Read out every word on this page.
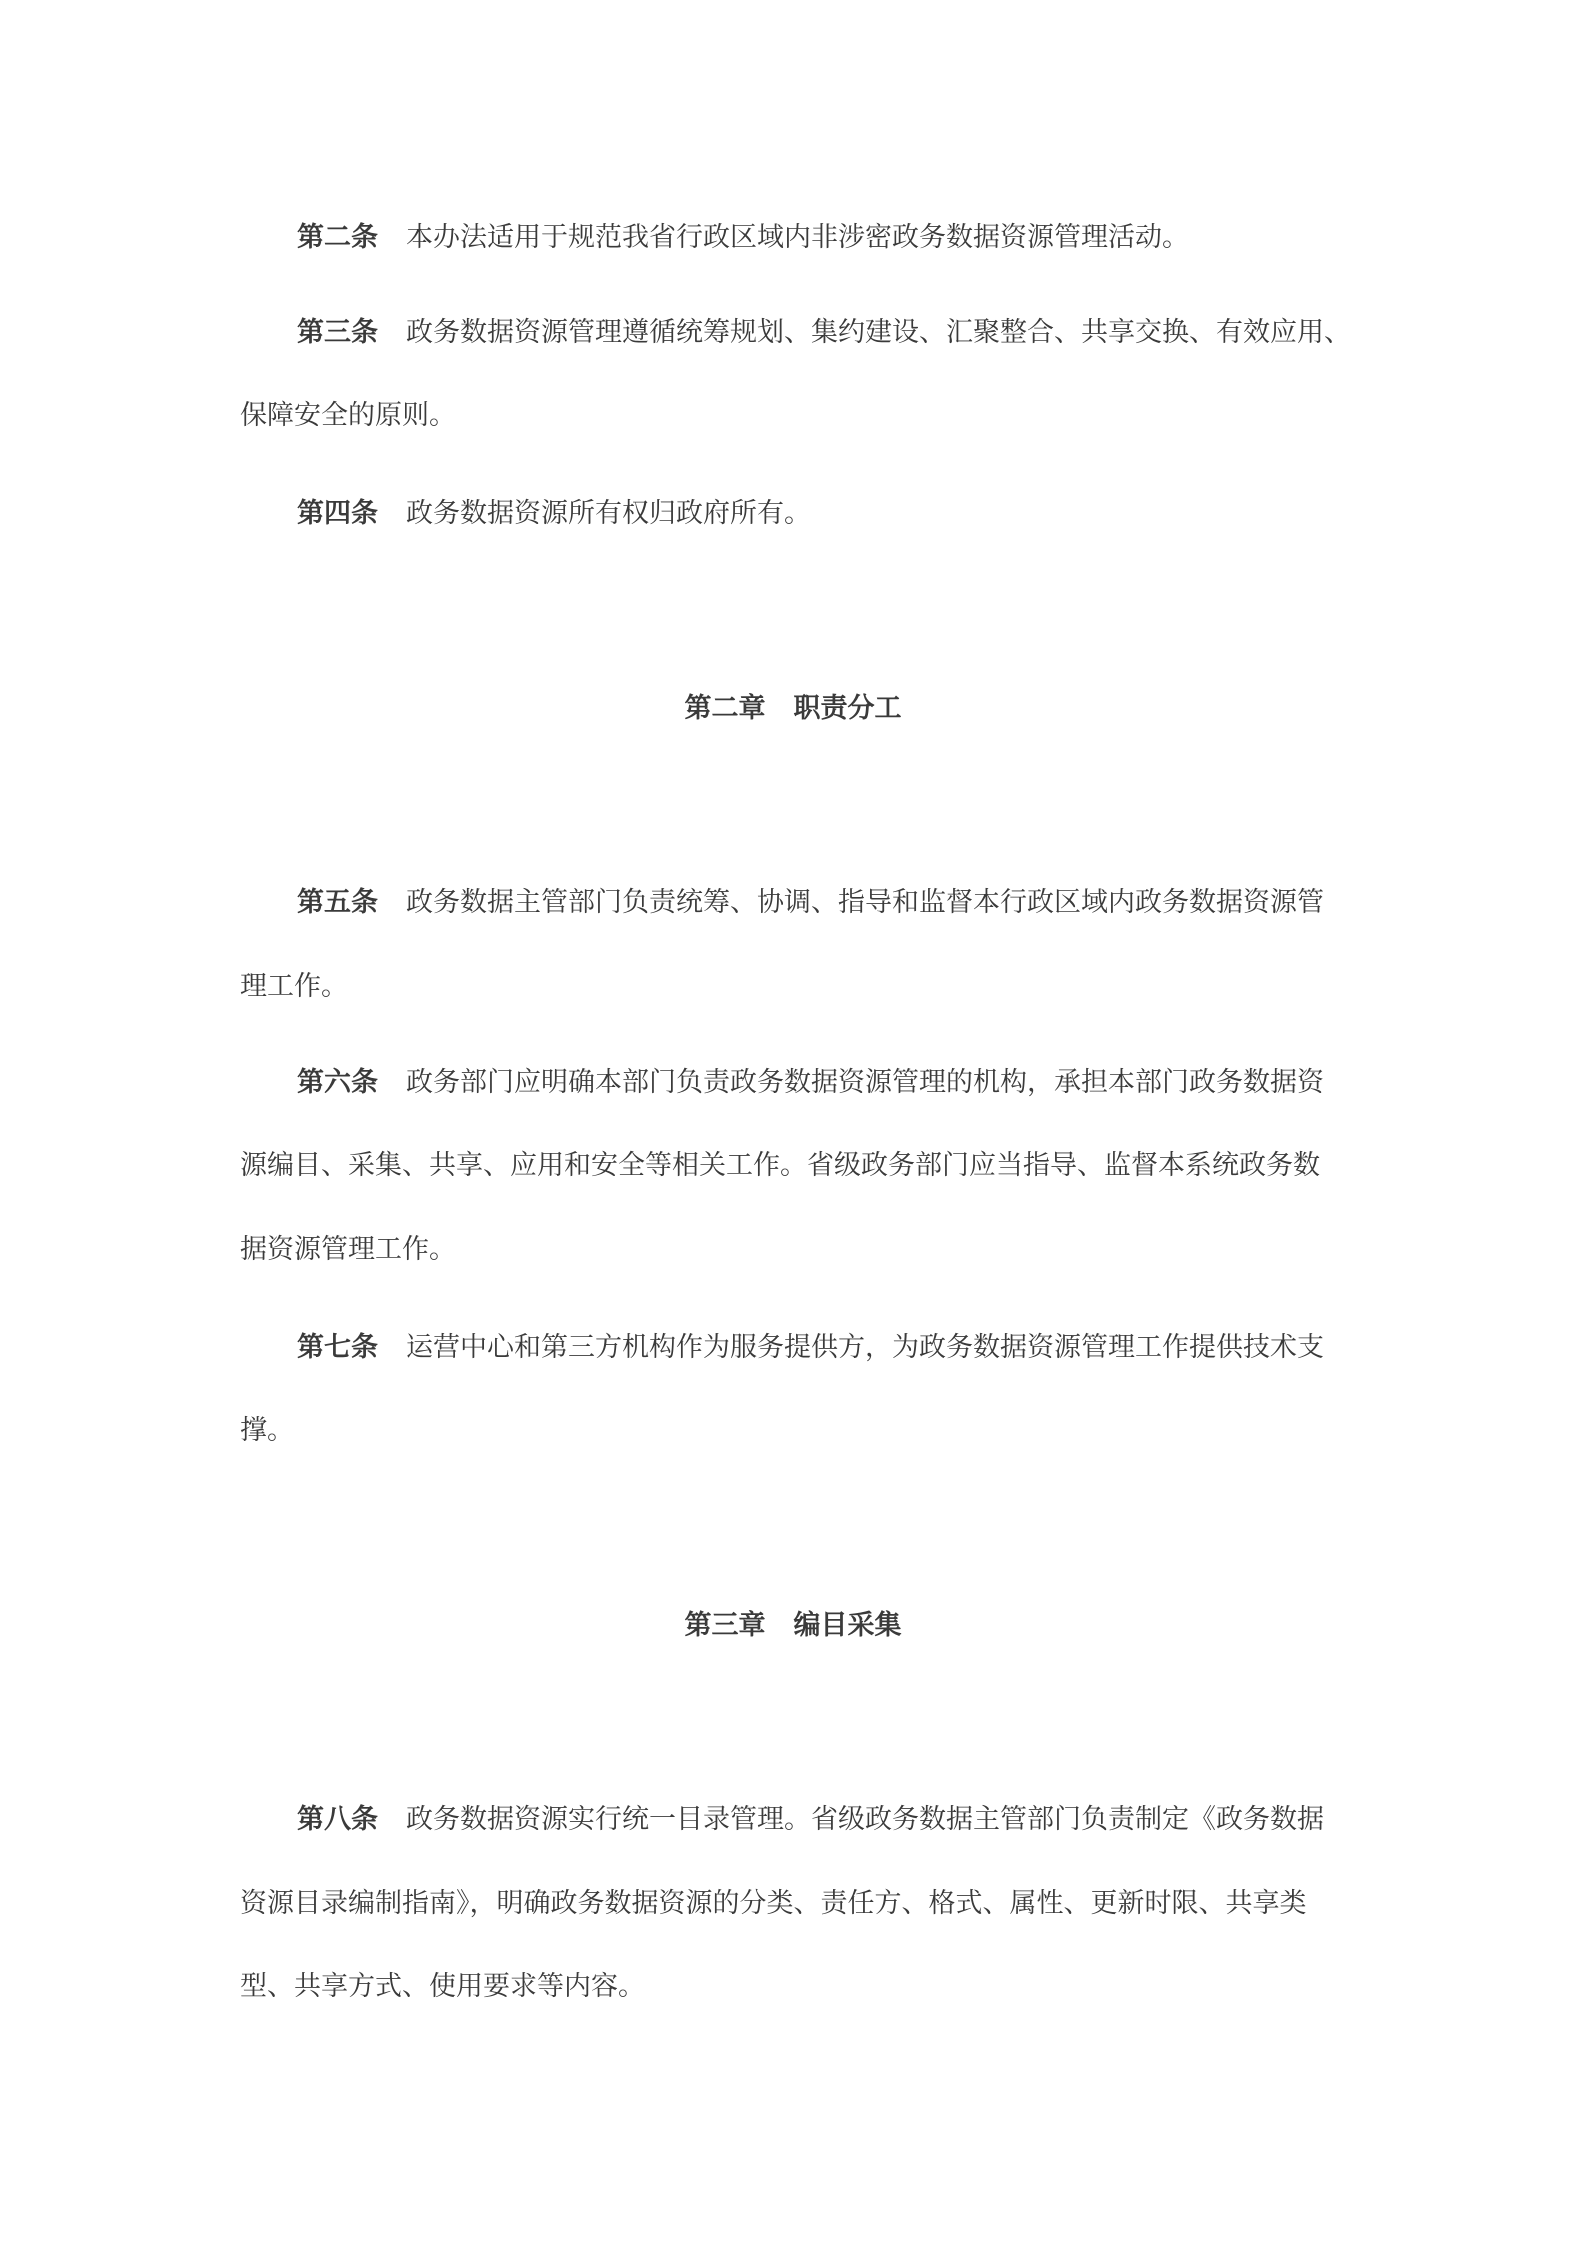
第二条 本办法适用于规范我省行政区域内非涉密政务数据资源管理活动。
第三条 政务数据资源管理遵循统筹规划、集约建设、汇聚整合、共享交换、有效应用、
保障安全的原则。
第四条 政务数据资源所有权归政府所有。
第二章 职责分工
第五条 政务数据主管部门负责统筹、协调、指导和监督本行政区域内政务数据资源管
理工作。
第六条 政务部门应明确本部门负责政务数据资源管理的机构，承担本部门政务数据资
源编目、采集、共享、应用和安全等相关工作。省级政务部门应当指导、监督本系统政务数
据资源管理工作。
第七条 运营中心和第三方机构作为服务提供方，为政务数据资源管理工作提供技术支
撑。
第三章 编目采集
第八条 政务数据资源实行统一目录管理。省级政务数据主管部门负责制定《政务数据
资源目录编制指南》，明确政务数据资源的分类、责任方、格式、属性、更新时限、共享类
型、共享方式、使用要求等内容。
